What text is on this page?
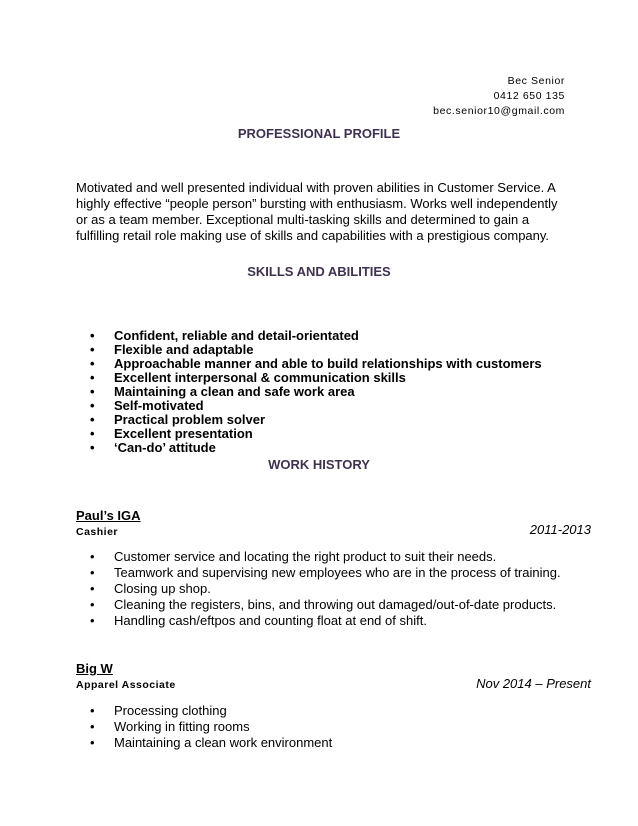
Bec Senior
0412 650 135
bec.senior10@gmail.com
PROFESSIONAL PROFILE
Motivated and well presented individual with proven abilities in Customer Service. A highly effective “people person” bursting with enthusiasm. Works well independently or as a team member. Exceptional multi-tasking skills and determined to gain a fulfilling retail role making use of skills and capabilities with a prestigious company.
SKILLS AND ABILITIES
• Confident, reliable and detail-orientated
• Flexible and adaptable
• Approachable manner and able to build relationships with customers
• Excellent interpersonal & communication skills
• Maintaining a clean and safe work area
• Self-motivated
• Practical problem solver
• Excellent presentation
• ‘Can-do’ attitude
WORK HISTORY
Paul’s IGA
Cashier	2011-2013
• Customer service and locating the right product to suit their needs.
• Teamwork and supervising new employees who are in the process of training.
• Closing up shop.
• Cleaning the registers, bins, and throwing out damaged/out-of-date products.
• Handling cash/eftpos and counting float at end of shift.
Big W
Apparel Associate	Nov 2014 – Present
• Processing clothing
• Working in fitting rooms
• Maintaining a clean work environment
